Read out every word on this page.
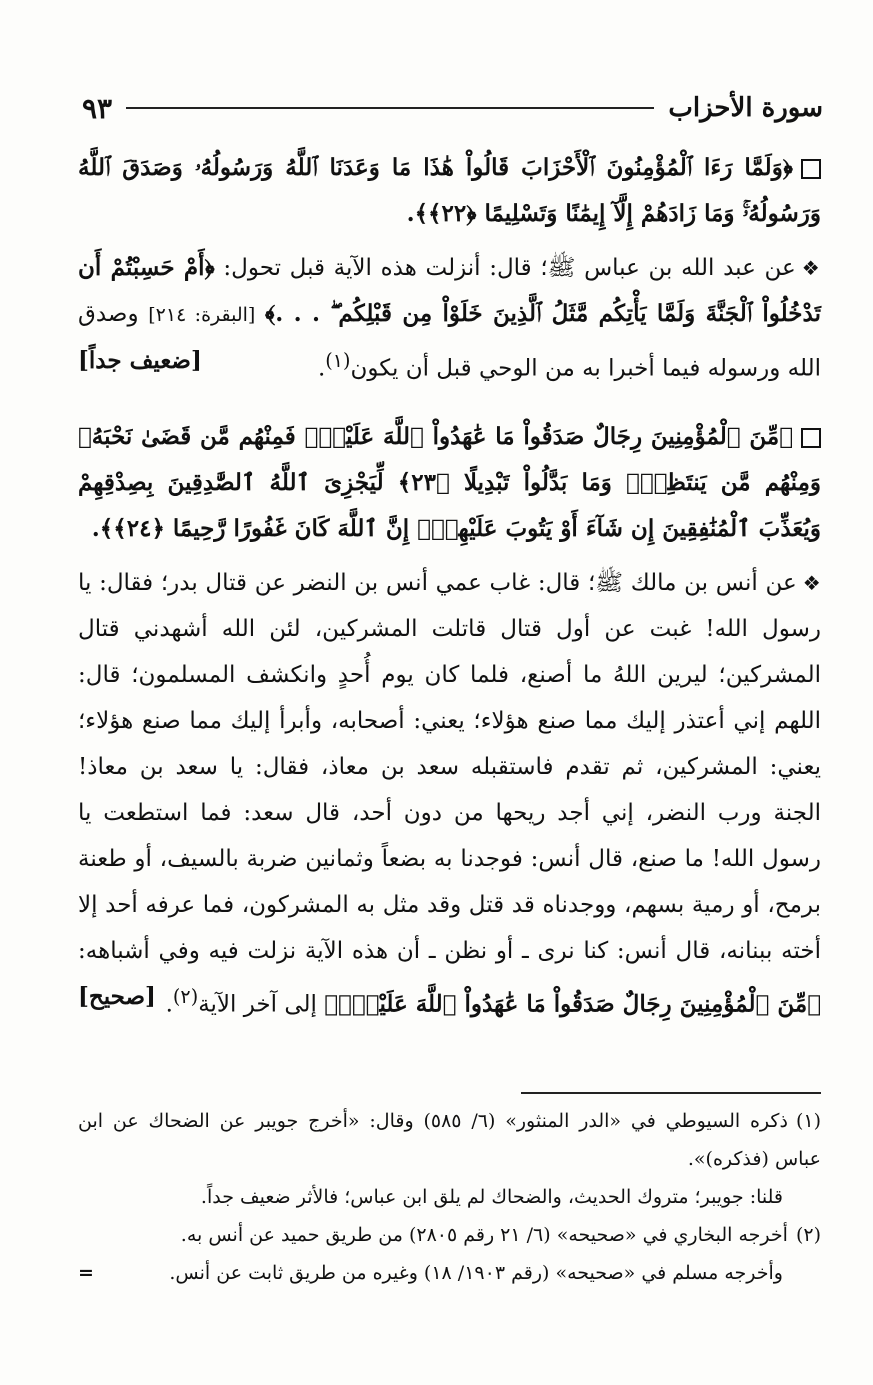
سورة الأحزاب
٩٣

﴿وَلَمَّا رَءَا ٱلْمُؤْمِنُونَ ٱلْأَحْزَابَ قَالُواْ هَٰذَا مَا وَعَدَنَا ٱللَّهُ وَرَسُولُهُۥ وَصَدَقَ ٱللَّهُ وَرَسُولُهُۥۚ وَمَا زَادَهُمْ إِلَّآ إِيمَٰنًا وَتَسْلِيمًا ﴿٢٢﴾﴾.

❖عن عبد الله بن عباس ﷺ؛ قال: أنزلت هذه الآية قبل تحول: ﴿أَمْ حَسِبْتُمْ أَن تَدْخُلُواْ ٱلْجَنَّةَ وَلَمَّا يَأْتِكُم مَّثَلُ ٱلَّذِينَ خَلَوْاْ مِن قَبْلِكُم ۖ . . .﴾ [البقرة: ٢١٤] وصدق الله ورسوله فيما أخبرا به من الوحي قبل أن يكون$^{(١)}$.
[ضعيف جداً]

﴿مِّنَ ٱلْمُؤْمِنِينَ رِجَالٌ صَدَقُواْ مَا عَٰهَدُواْ ٱللَّهَ عَلَيْهِۖ فَمِنْهُم مَّن قَضَىٰ نَحْبَهُۥ وَمِنْهُم مَّن يَنتَظِرُۖ وَمَا بَدَّلُواْ تَبْدِيلًا ﴿٢٣﴾ لِّيَجْزِىَ ٱللَّهُ ٱلصَّٰدِقِينَ بِصِدْقِهِمْ وَيُعَذِّبَ ٱلْمُنَٰفِقِينَ إِن شَآءَ أَوْ يَتُوبَ عَلَيْهِمْۚ إِنَّ ٱللَّهَ كَانَ غَفُورًا رَّحِيمًا ﴿٢٤﴾﴾.

❖عن أنس بن مالك ﷺ؛ قال: غاب عمي أنس بن النضر عن قتال بدر؛ فقال: يا رسول الله! غبت عن أول قتال قاتلت المشركين، لئن الله أشهدني قتال المشركين؛ ليرين اللهُ ما أصنع، فلما كان يوم أُحدٍ وانكشف المسلمون؛ قال: اللهم إني أعتذر إليك مما صنع هؤلاء؛ يعني: أصحابه، وأبرأ إليك مما صنع هؤلاء؛ يعني: المشركين، ثم تقدم فاستقبله سعد بن معاذ، فقال: يا سعد بن معاذ! الجنة ورب النضر، إني أجد ريحها من دون أحد، قال سعد: فما استطعت يا رسول الله! ما صنع، قال أنس: فوجدنا به بضعاً وثمانين ضربة بالسيف، أو طعنة برمح، أو رمية بسهم، ووجدناه قد قتل وقد مثل به المشركون، فما عرفه أحد إلا أخته ببنانه، قال أنس: كنا نرى ـ أو نظن ـ أن هذه الآية نزلت فيه وفي أشباهه: ﴿مِّنَ ٱلْمُؤْمِنِينَ رِجَالٌ صَدَقُواْ مَا عَٰهَدُواْ ٱللَّهَ عَلَيْهِۖ﴾ إلى آخر الآية$^{(٢)}$.
[صحيح]

(١)ذكره السيوطي في «الدر المنثور» (٦/ ٥٨٥) وقال: «أخرج جويبر عن الضحاك عن ابن عباس (فذكره)».

قلنا: جويبر؛ متروك الحديث، والضحاك لم يلق ابن عباس؛ فالأثر ضعيف جداً.

(٢)أخرجه البخاري في «صحيحه» (٦/ ٢١ رقم ٢٨٠٥) من طريق حميد عن أنس به.

وأخرجه مسلم في «صحيحه» (رقم ١٩٠٣/ ١٨) وغيره من طريق ثابت عن أنس.
=
